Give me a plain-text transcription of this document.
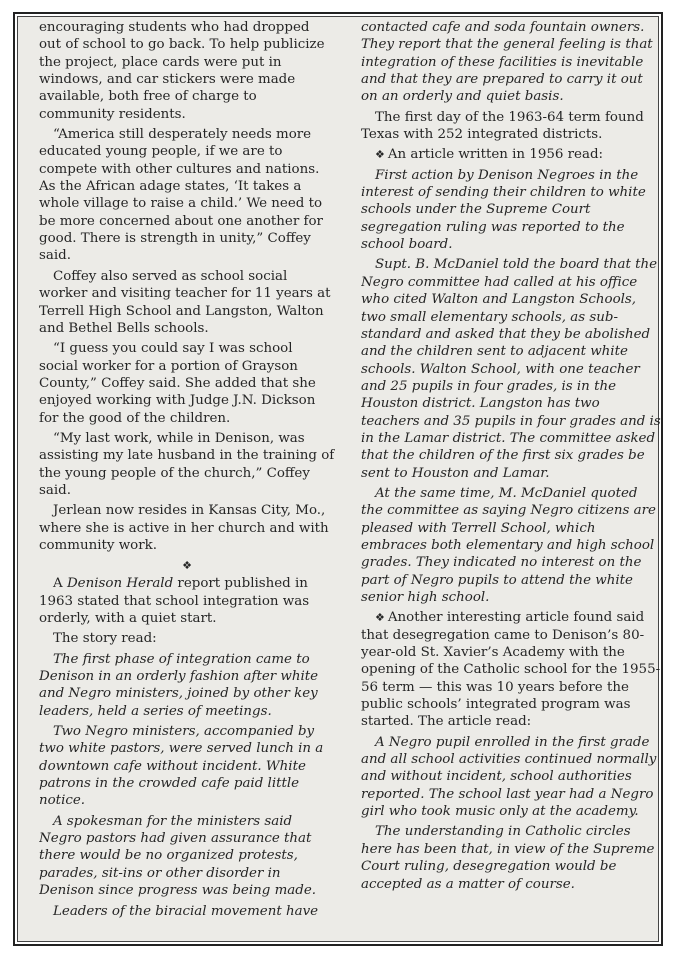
encouraging students who had dropped out of school to go back. To help publicize the project, place cards were put in windows, and car stickers were made available, both free of charge to community residents.

“America still desperately needs more educated young people, if we are to compete with other cultures and nations. As the African adage states, ‘It takes a whole village to raise a child.’ We need to be more concerned about one another for good. There is strength in unity,” Coffey said.

Coffey also served as school social worker and visiting teacher for 11 years at Terrell High School and Langston, Walton and Bethel Bells schools.

“I guess you could say I was school social worker for a portion of Grayson County,” Coffey said. She added that she enjoyed working with Judge J.N. Dickson for the good of the children.

“My last work, while in Denison, was assisting my late husband in the training of the young people of the church,” Coffey said.

Jerlean now resides in Kansas City, Mo., where she is active in her church and with community work.

❖

A Denison Herald report published in 1963 stated that school integration was orderly, with a quiet start.

The story read:

The first phase of integration came to Denison in an orderly fashion after white and Negro ministers, joined by other key leaders, held a series of meetings.

Two Negro ministers, accompanied by two white pastors, were served lunch in a downtown cafe without incident. White patrons in the crowded cafe paid little notice.

A spokesman for the ministers said Negro pastors had given assurance that there would be no organized protests, parades, sit-ins or other disorder in Denison since progress was being made.

Leaders of the biracial movement have

contacted cafe and soda fountain owners. They report that the general feeling is that integration of these facilities is inevitable and that they are prepared to carry it out on an orderly and quiet basis.

The first day of the 1963-64 term found Texas with 252 integrated districts.

❖ An article written in 1956 read:

First action by Denison Negroes in the interest of sending their children to white schools under the Supreme Court segregation ruling was reported to the school board.

Supt. B. McDaniel told the board that the Negro committee had called at his office who cited Walton and Langston Schools, two small elementary schools, as sub-standard and asked that they be abolished and the children sent to adjacent white schools. Walton School, with one teacher and 25 pupils in four grades, is in the Houston district. Langston has two teachers and 35 pupils in four grades and is in the Lamar district. The committee asked that the children of the first six grades be sent to Houston and Lamar.

At the same time, M. McDaniel quoted the committee as saying Negro citizens are pleased with Terrell School, which embraces both elementary and high school grades. They indicated no interest on the part of Negro pupils to attend the white senior high school.

❖ Another interesting article found said that desegregation came to Denison’s 80-year-old St. Xavier’s Academy with the opening of the Catholic school for the 1955-56 term — this was 10 years before the public schools’ integrated program was started. The article read:

A Negro pupil enrolled in the first grade and all school activities continued normally and without incident, school authorities reported. The school last year had a Negro girl who took music only at the academy.

The understanding in Catholic circles here has been that, in view of the Supreme Court ruling, desegregation would be accepted as a matter of course.
